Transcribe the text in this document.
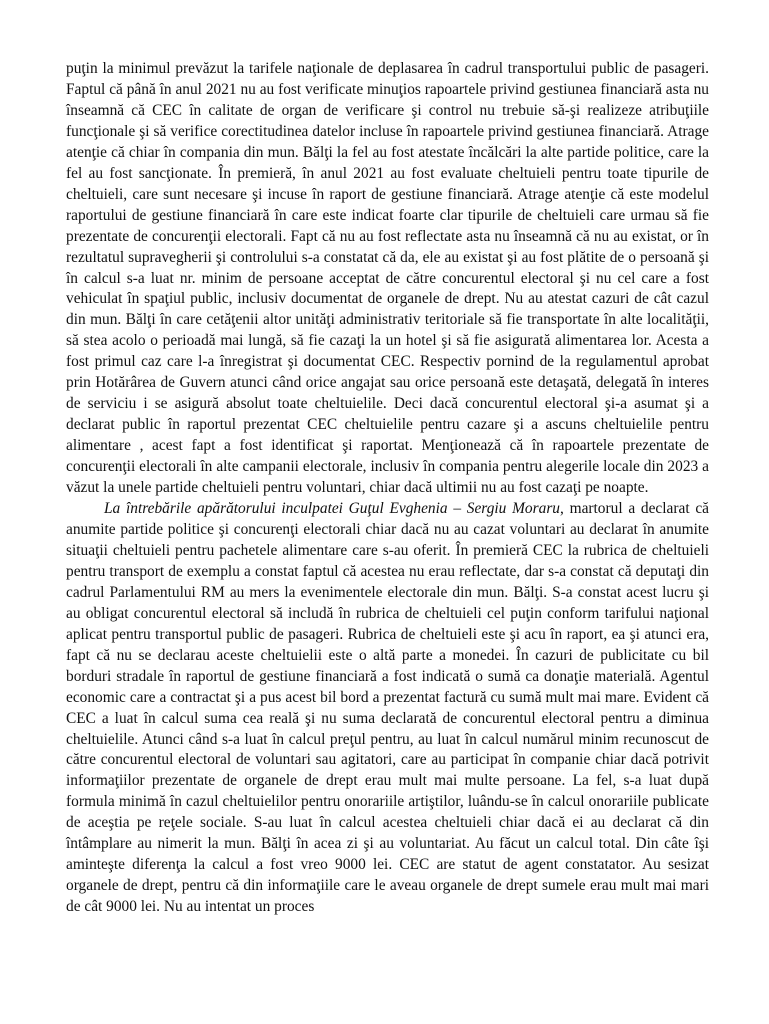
puţin la minimul prevăzut la tarifele naţionale de deplasarea în cadrul transportului public de pasageri. Faptul că până în anul 2021 nu au fost verificate minuţios rapoartele privind gestiunea financiară asta nu înseamnă că CEC în calitate de organ de verificare şi control nu trebuie să-şi realizeze atribuţiile funcţionale şi să verifice corectitudinea datelor incluse în rapoartele privind gestiunea financiară. Atrage atenţie că chiar în compania din mun. Bălţi la fel au fost atestate încălcări la alte partide politice, care la fel au fost sancţionate. În premieră, în anul 2021 au fost evaluate cheltuieli pentru toate tipurile de cheltuieli, care sunt necesare şi incuse în raport de gestiune financiară. Atrage atenţie că este modelul raportului de gestiune financiară în care este indicat foarte clar tipurile de cheltuieli care urmau să fie prezentate de concurenţii electorali. Fapt că nu au fost reflectate asta nu înseamnă că nu au existat, or în rezultatul supravegherii şi controlului s-a constatat că da, ele au existat şi au fost plătite de o persoană şi în calcul s-a luat nr. minim de persoane acceptat de către concurentul electoral şi nu cel care a fost vehiculat în spaţiul public, inclusiv documentat de organele de drept. Nu au atestat cazuri de cât cazul din mun. Bălţi în care cetăţenii altor unităţi administrativ teritoriale să fie transportate în alte localităţii, să stea acolo o perioadă mai lungă, să fie cazaţi la un hotel şi să fie asigurată alimentarea lor. Acesta a fost primul caz care l-a înregistrat şi documentat CEC. Respectiv pornind de la regulamentul aprobat prin Hotărârea de Guvern atunci când orice angajat sau orice persoană este detaşată, delegată în interes de serviciu i se asigură absolut toate cheltuielile. Deci dacă concurentul electoral şi-a asumat şi a declarat public în raportul prezentat CEC cheltuielile pentru cazare şi a ascuns cheltuielile pentru alimentare , acest fapt a fost identificat şi raportat. Menţionează că în rapoartele prezentate de concurenţii electorali în alte campanii electorale, inclusiv în compania pentru alegerile locale din 2023 a văzut la unele partide cheltuieli pentru voluntari, chiar dacă ultimii nu au fost cazaţi pe noapte.

La întrebările apărătorului inculpatei Guţul Evghenia – Sergiu Moraru, martorul a declarat că anumite partide politice şi concurenţi electorali chiar dacă nu au cazat voluntari au declarat în anumite situaţii cheltuieli pentru pachetele alimentare care s-au oferit. În premieră CEC la rubrica de cheltuieli pentru transport de exemplu a constat faptul că acestea nu erau reflectate, dar s-a constat că deputaţi din cadrul Parlamentului RM au mers la evenimentele electorale din mun. Bălţi. S-a constat acest lucru şi au obligat concurentul electoral să includă în rubrica de cheltuieli cel puţin conform tarifului naţional aplicat pentru transportul public de pasageri. Rubrica de cheltuieli este şi acu în raport, ea şi atunci era, fapt că nu se declarau aceste cheltuielii este o altă parte a monedei. În cazuri de publicitate cu bil borduri stradale în raportul de gestiune financiară a fost indicată o sumă ca donaţie materială. Agentul economic care a contractat şi a pus acest bil bord a prezentat factură cu sumă mult mai mare. Evident că CEC a luat în calcul suma cea reală şi nu suma declarată de concurentul electoral pentru a diminua cheltuielile. Atunci când s-a luat în calcul preţul pentru, au luat în calcul numărul minim recunoscut de către concurentul electoral de voluntari sau agitatori, care au participat în companie chiar dacă potrivit informaţiilor prezentate de organele de drept erau mult mai multe persoane. La fel, s-a luat după formula minimă în cazul cheltuielilor pentru onorariile artiştilor, luându-se în calcul onorariile publicate de aceştia pe reţele sociale. S-au luat în calcul acestea cheltuieli chiar dacă ei au declarat că din întâmplare au nimerit la mun. Bălţi în acea zi şi au voluntariat. Au făcut un calcul total. Din câte îşi aminteşte diferenţa la calcul a fost vreo 9000 lei. CEC are statut de agent constatator. Au sesizat organele de drept, pentru că din informaţiile care le aveau organele de drept sumele erau mult mai mari de cât 9000 lei. Nu au intentat un proces
